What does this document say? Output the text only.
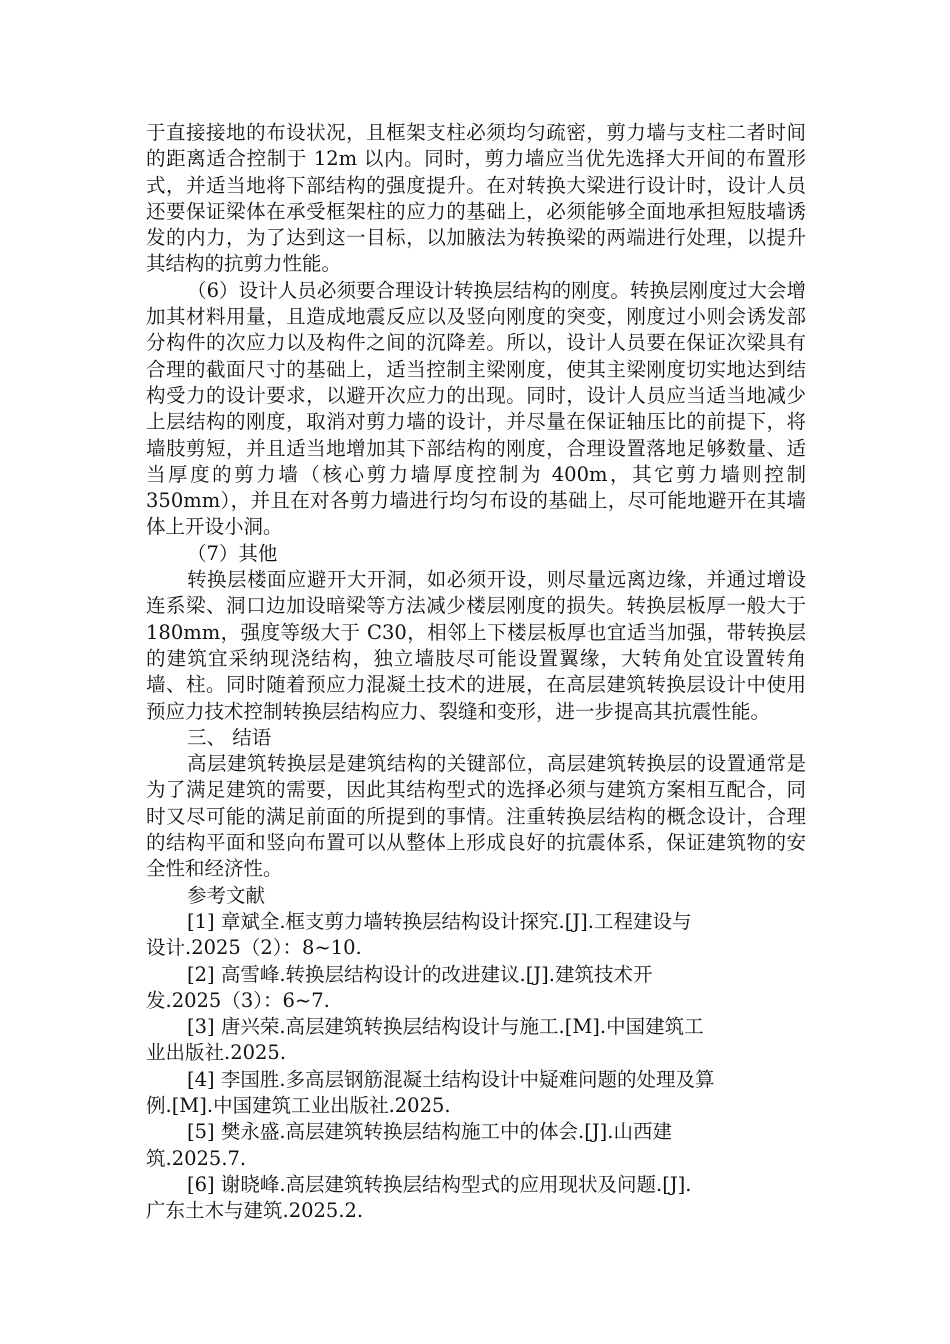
于直接接地的布设状况，且框架支柱必须均匀疏密，剪力墙与支柱二者时间的距离适合控制于 12m 以内。同时，剪力墙应当优先选择大开间的布置形式，并适当地将下部结构的强度提升。在对转换大梁进行设计时，设计人员还要保证梁体在承受框架柱的应力的基础上，必须能够全面地承担短肢墙诱发的内力，为了达到这一目标，以加腋法为转换梁的两端进行处理，以提升其结构的抗剪力性能。

（6）设计人员必须要合理设计转换层结构的刚度。转换层刚度过大会增加其材料用量，且造成地震反应以及竖向刚度的突变，刚度过小则会诱发部分构件的次应力以及构件之间的沉降差。所以，设计人员要在保证次梁具有合理的截面尺寸的基础上，适当控制主梁刚度，使其主梁刚度切实地达到结构受力的设计要求，以避开次应力的出现。同时，设计人员应当适当地减少上层结构的刚度，取消对剪力墙的设计，并尽量在保证轴压比的前提下，将墙肢剪短，并且适当地增加其下部结构的刚度，合理设置落地足够数量、适当厚度的剪力墙（核心剪力墙厚度控制为 400m，其它剪力墙则控制 350mm），并且在对各剪力墙进行均匀布设的基础上，尽可能地避开在其墙体上开设小洞。

（7）其他

转换层楼面应避开大开洞，如必须开设，则尽量远离边缘，并通过增设连系梁、洞口边加设暗梁等方法减少楼层刚度的损失。转换层板厚一般大于 180mm，强度等级大于 C30，相邻上下楼层板厚也宜适当加强，带转换层的建筑宜采纳现浇结构，独立墙肢尽可能设置翼缘，大转角处宜设置转角墙、柱。同时随着预应力混凝土技术的进展，在高层建筑转换层设计中使用预应力技术控制转换层结构应力、裂缝和变形，进一步提高其抗震性能。

三、 结语

高层建筑转换层是建筑结构的关键部位，高层建筑转换层的设置通常是为了满足建筑的需要，因此其结构型式的选择必须与建筑方案相互配合，同时又尽可能的满足前面的所提到的事情。注重转换层结构的概念设计，合理的结构平面和竖向布置可以从整体上形成良好的抗震体系，保证建筑物的安全性和经济性。

参考文献

[1] 章斌全.框支剪力墙转换层结构设计探究.[J].工程建设与
设计.2025（2）：8~10.
[2] 高雪峰.转换层结构设计的改进建议.[J].建筑技术开
发.2025（3）：6~7.
[3] 唐兴荣.高层建筑转换层结构设计与施工.[M].中国建筑工
业出版社.2025.
[4] 李国胜.多高层钢筋混凝土结构设计中疑难问题的处理及算
例.[M].中国建筑工业出版社.2025.
[5] 樊永盛.高层建筑转换层结构施工中的体会.[J].山西建
筑.2025.7.
[6] 谢晓峰.高层建筑转换层结构型式的应用现状及问题.[J].
广东土木与建筑.2025.2.
